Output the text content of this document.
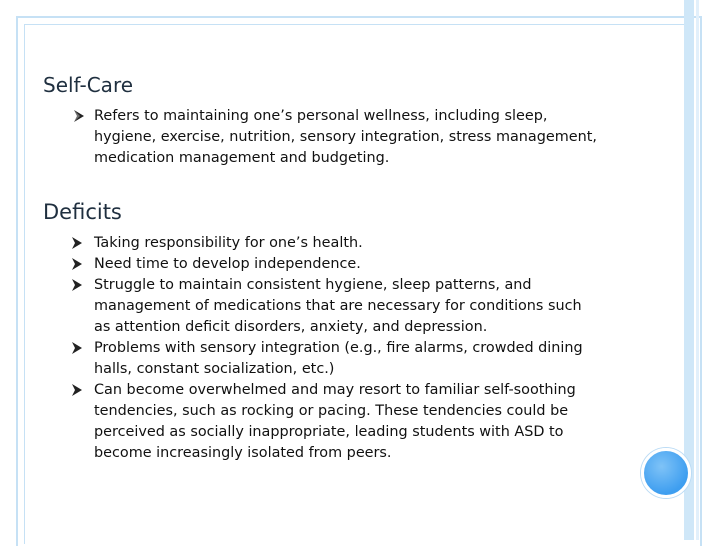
Self-Care
Refers to maintaining one’s personal wellness, including sleep, hygiene, exercise, nutrition, sensory integration, stress management, medication management and budgeting.
Deficits
Taking responsibility for one’s health.
Need time to develop independence.
Struggle to maintain consistent hygiene, sleep patterns, and management of medications that are necessary for conditions such as attention deficit disorders, anxiety, and depression.
Problems with sensory integration (e.g., fire alarms, crowded dining halls, constant socialization, etc.)
Can become overwhelmed and may resort to familiar self-soothing tendencies, such as rocking or pacing. These tendencies could be perceived as socially inappropriate, leading students with ASD to become increasingly isolated from peers.
